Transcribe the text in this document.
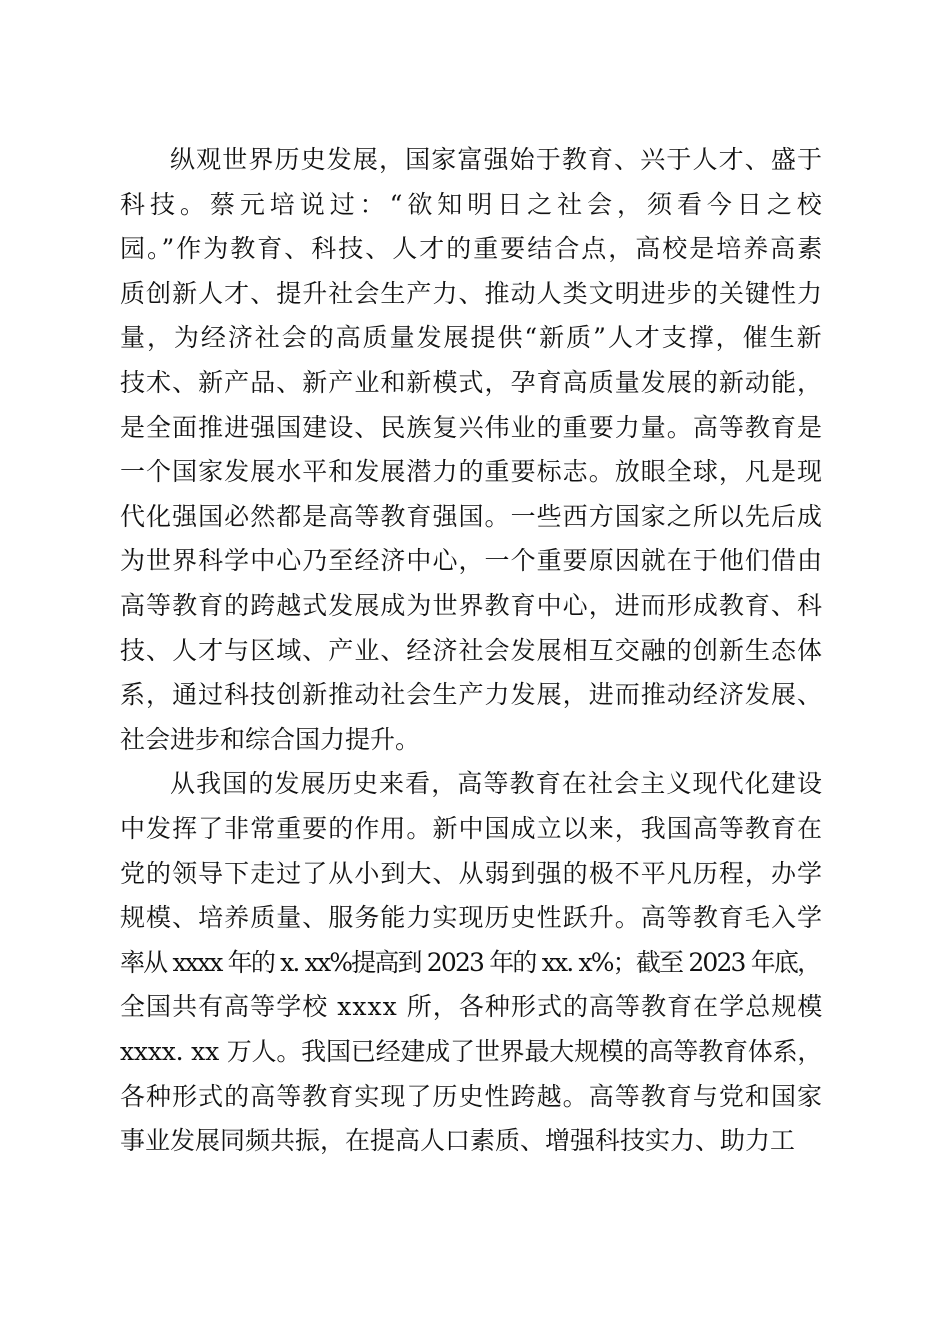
纵观世界历史发展，国家富强始于教育、兴于人才、盛于
科技。蔡元培说过：“欲知明日之社会，须看今日之校
园。”作为教育、科技、人才的重要结合点，高校是培养高素
质创新人才、提升社会生产力、推动人类文明进步的关键性力
量，为经济社会的高质量发展提供“新质”人才支撑，催生新
技术、新产品、新产业和新模式，孕育高质量发展的新动能，
是全面推进强国建设、民族复兴伟业的重要力量。高等教育是
一个国家发展水平和发展潜力的重要标志。放眼全球，凡是现
代化强国必然都是高等教育强国。一些西方国家之所以先后成
为世界科学中心乃至经济中心，一个重要原因就在于他们借由
高等教育的跨越式发展成为世界教育中心，进而形成教育、科
技、人才与区域、产业、经济社会发展相互交融的创新生态体
系，通过科技创新推动社会生产力发展，进而推动经济发展、
社会进步和综合国力提升。
从我国的发展历史来看，高等教育在社会主义现代化建设
中发挥了非常重要的作用。新中国成立以来，我国高等教育在
党的领导下走过了从小到大、从弱到强的极不平凡历程，办学
规模、培养质量、服务能力实现历史性跃升。高等教育毛入学
率从 xxxx 年的 x. xx%提高到 2023 年的 xx. x%；截至 2023 年底，
全国共有高等学校 xxxx 所，各种形式的高等教育在学总规模
xxxx. xx 万人。我国已经建成了世界最大规模的高等教育体系，
各种形式的高等教育实现了历史性跨越。高等教育与党和国家
事业发展同频共振，在提高人口素质、增强科技实力、助力工
